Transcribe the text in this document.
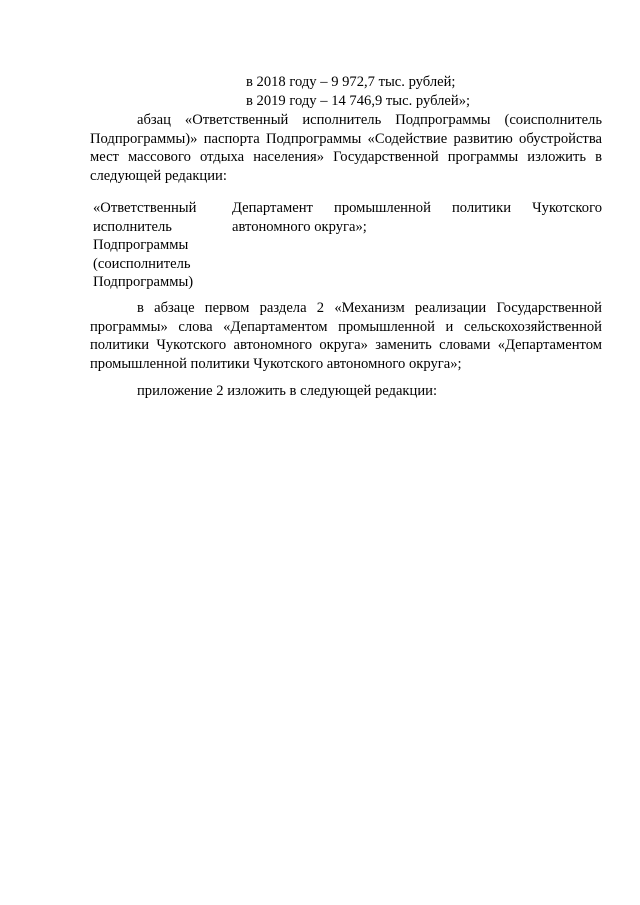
в 2018 году – 9 972,7 тыс. рублей;
в 2019 году – 14 746,9 тыс. рублей»;
абзац «Ответственный исполнитель Подпрограммы (соисполнитель Подпрограммы)» паспорта Подпрограммы «Содействие развитию обустройства мест массового отдыха населения» Государственной программы изложить в следующей редакции:
«Ответственный
исполнитель
Подпрограммы
(соисполнитель
Подпрограммы)
Департамент промышленной политики Чукотского
автономного округа»;
в абзаце первом раздела 2 «Механизм реализации Государственной программы» слова «Департаментом промышленной и сельскохозяйственной политики Чукотского автономного округа» заменить словами «Департаментом промышленной политики Чукотского автономного округа»;
приложение 2 изложить в следующей редакции:
